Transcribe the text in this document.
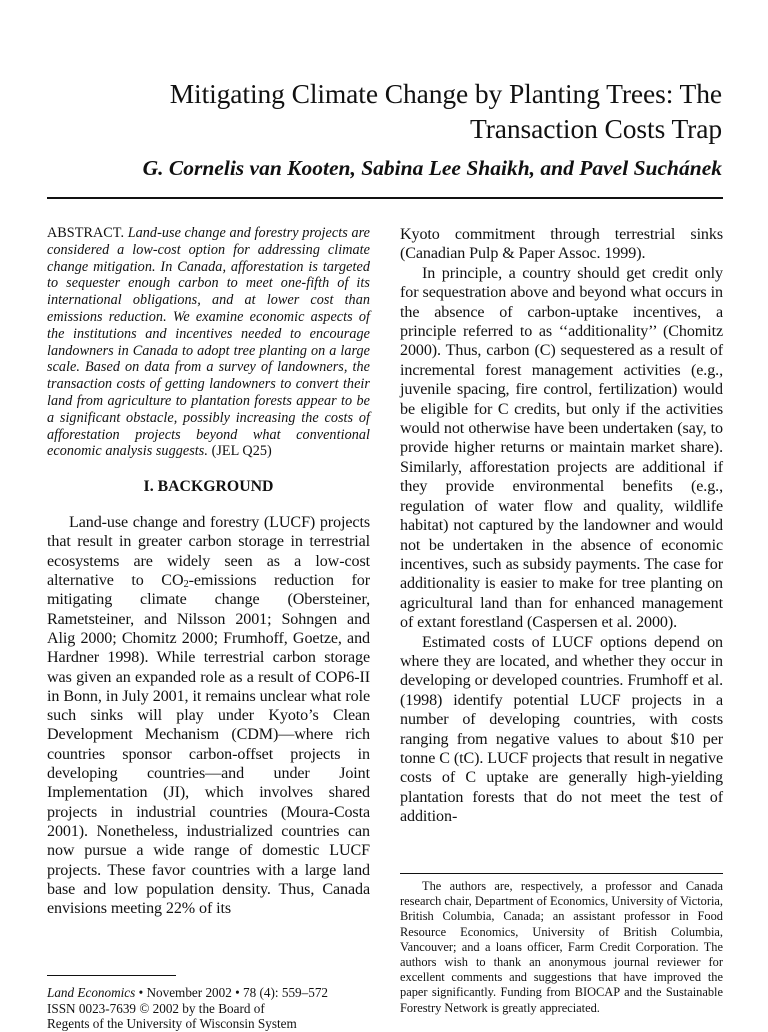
Mitigating Climate Change by Planting Trees: The
Transaction Costs Trap
G. Cornelis van Kooten, Sabina Lee Shaikh, and Pavel Suchánek

ABSTRACT. Land-use change and forestry projects are considered a low-cost option for addressing climate change mitigation. In Canada, afforestation is targeted to sequester enough carbon to meet one-fifth of its international obligations, and at lower cost than emissions reduction. We examine economic aspects of the institutions and incentives needed to encourage landowners in Canada to adopt tree planting on a large scale. Based on data from a survey of landowners, the transaction costs of getting landowners to convert their land from agriculture to plantation forests appear to be a significant obstacle, possibly increasing the costs of afforestation projects beyond what conventional economic analysis suggests. (JEL Q25)

I. BACKGROUND

Land-use change and forestry (LUCF) projects that result in greater carbon storage in terrestrial ecosystems are widely seen as a low-cost alternative to $CO_2$-emissions reduction for mitigating climate change (Obersteiner, Rametsteiner, and Nilsson 2001; Sohngen and Alig 2000; Chomitz 2000; Frumhoff, Goetze, and Hardner 1998). While terrestrial carbon storage was given an expanded role as a result of COP6-II in Bonn, in July 2001, it remains unclear what role such sinks will play under Kyoto’s Clean Development Mechanism (CDM)—where rich countries sponsor carbon-offset projects in developing countries—and under Joint Implementation (JI), which involves shared projects in industrial countries (Moura-Costa 2001). Nonetheless, industrialized countries can now pursue a wide range of domestic LUCF projects. These favor countries with a large land base and low population density. Thus, Canada envisions meeting 22% of its

Kyoto commitment through terrestrial sinks (Canadian Pulp & Paper Assoc. 1999).

In principle, a country should get credit only for sequestration above and beyond what occurs in the absence of carbon-uptake incentives, a principle referred to as ‘‘additionality’’ (Chomitz 2000). Thus, carbon (C) sequestered as a result of incremental forest management activities (e.g., juvenile spacing, fire control, fertilization) would be eligible for C credits, but only if the activities would not otherwise have been undertaken (say, to provide higher returns or maintain market share). Similarly, afforestation projects are additional if they provide environmental benefits (e.g., regulation of water flow and quality, wildlife habitat) not captured by the landowner and would not be undertaken in the absence of economic incentives, such as subsidy payments. The case for additionality is easier to make for tree planting on agricultural land than for enhanced management of extant forestland (Caspersen et al. 2000).

Estimated costs of LUCF options depend on where they are located, and whether they occur in developing or developed countries. Frumhoff et al. (1998) identify potential LUCF projects in a number of developing countries, with costs ranging from negative values to about $10 per tonne C (tC). LUCF projects that result in negative costs of C uptake are generally high-yielding plantation forests that do not meet the test of addition-

The authors are, respectively, a professor and Canada research chair, Department of Economics, University of Victoria, British Columbia, Canada; an assistant professor in Food Resource Economics, University of British Columbia, Vancouver; and a loans officer, Farm Credit Corporation. The authors wish to thank an anonymous journal reviewer for excellent comments and suggestions that have improved the paper significantly. Funding from BIOCAP and the Sustainable Forestry Network is greatly appreciated.
Land Economics • November 2002 • 78 (4): 559–572
ISSN 0023-7639 © 2002 by the Board of
Regents of the University of Wisconsin System
